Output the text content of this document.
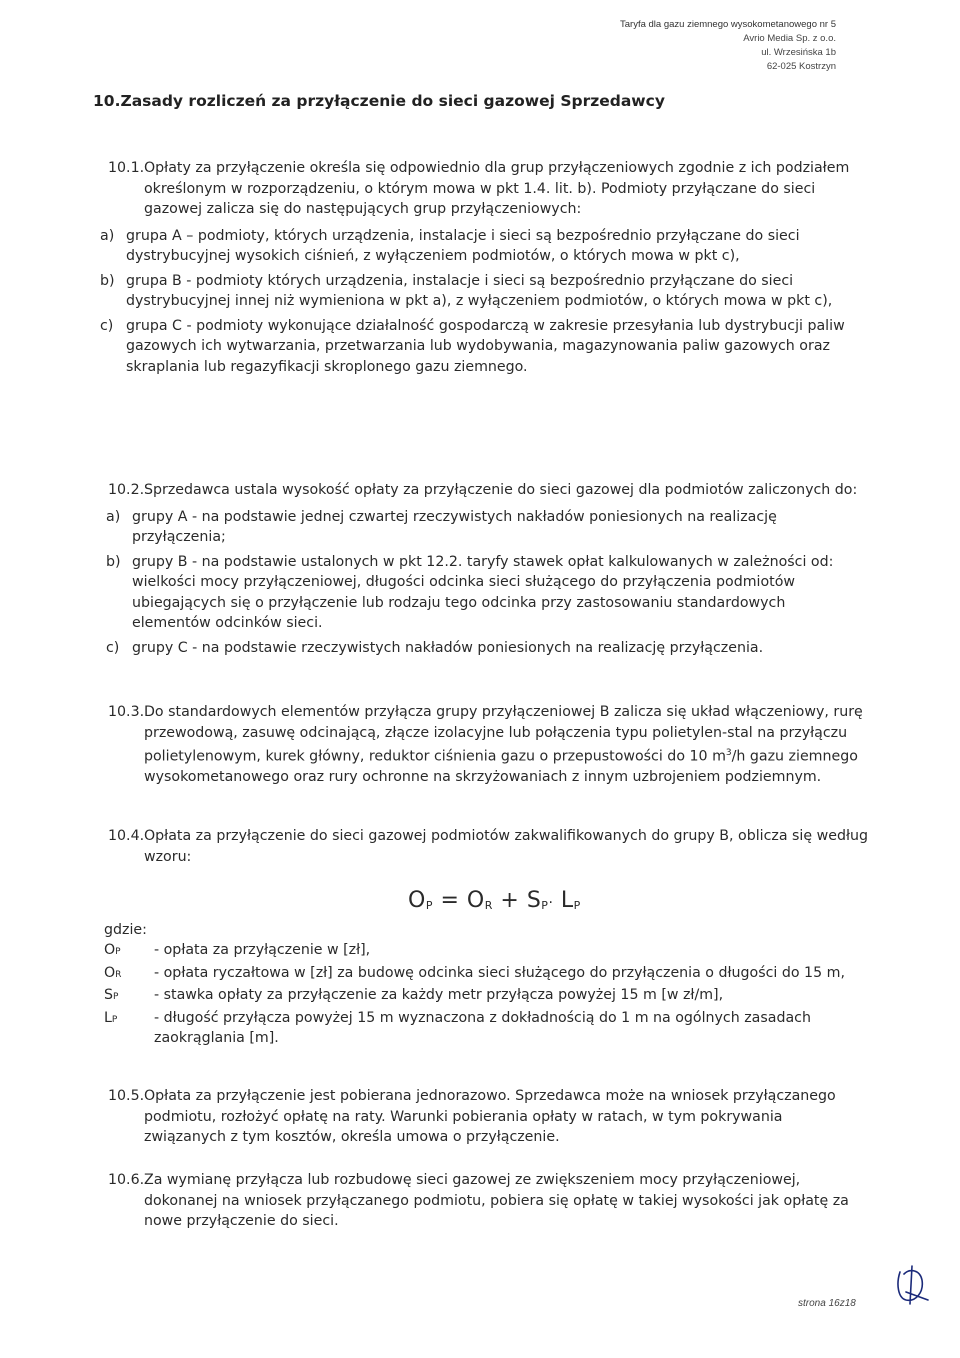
Taryfa dla gazu ziemnego wysokometanowego nr 5
Avrio Media Sp. z o.o.
ul. Wrzesińska 1b
62-025 Kostrzyn
10.Zasady rozliczeń za przyłączenie do sieci gazowej Sprzedawcy
10.1. Opłaty za przyłączenie określa się odpowiednio dla grup przyłączeniowych zgodnie z ich podziałem określonym w rozporządzeniu, o którym mowa w pkt 1.4. lit. b). Podmioty przyłączane do sieci gazowej zalicza się do następujących grup przyłączeniowych:
a) grupa A – podmioty, których urządzenia, instalacje i sieci są bezpośrednio przyłączane do sieci dystrybucyjnej wysokich ciśnień, z wyłączeniem podmiotów, o których mowa w pkt c),
b) grupa B - podmioty których urządzenia, instalacje i sieci są bezpośrednio przyłączane do sieci dystrybucyjnej innej niż wymieniona w pkt a), z wyłączeniem podmiotów, o których mowa w pkt c),
c) grupa C - podmioty wykonujące działalność gospodarczą w zakresie przesyłania lub dystrybucji paliw gazowych ich wytwarzania, przetwarzania lub wydobywania, magazynowania paliw gazowych oraz skraplania lub regazyfikacji skroplonego gazu ziemnego.
10.2. Sprzedawca ustala wysokość opłaty za przyłączenie do sieci gazowej dla podmiotów zaliczonych do:
a) grupy A - na podstawie jednej czwartej rzeczywistych nakładów poniesionych na realizację przyłączenia;
b) grupy B - na podstawie ustalonych w pkt 12.2. taryfy stawek opłat kalkulowanych w zależności od: wielkości mocy przyłączeniowej, długości odcinka sieci służącego do przyłączenia podmiotów ubiegających się o przyłączenie lub rodzaju tego odcinka przy zastosowaniu standardowych elementów odcinków sieci.
c) grupy C - na podstawie rzeczywistych nakładów poniesionych na realizację przyłączenia.
10.3. Do standardowych elementów przyłącza grupy przyłączeniowej B zalicza się układ włączeniowy, rurę przewodową, zasuwę odcinającą, złącze izolacyjne lub połączenia typu polietylen-stal na przyłączu polietylenowym, kurek główny, reduktor ciśnienia gazu o przepustowości do 10 $m^3/h$ gazu ziemnego wysokometanowego oraz rury ochronne na skrzyżowaniach z innym uzbrojeniem podziemnym.
10.4. Opłata za przyłączenie do sieci gazowej podmiotów zakwalifikowanych do grupy B, oblicza się według wzoru:
OP = OR + SP· LP
gdzie:
OP - opłata za przyłączenie w [zł],
OR - opłata ryczałtowa w [zł] za budowę odcinka sieci służącego do przyłączenia o długości do 15 m,
SP	- stawka opłaty za przyłączenie za każdy metr przyłącza powyżej 15 m [w zł/m],
LP	- długość przyłącza powyżej 15 m wyznaczona z dokładnością do 1 m na ogólnych zasadach zaokrąglania [m].
10.5. Opłata za przyłączenie jest pobierana jednorazowo. Sprzedawca może na wniosek przyłączanego podmiotu, rozłożyć opłatę na raty. Warunki pobierania opłaty w ratach, w tym pokrywania związanych z tym kosztów, określa umowa o przyłączenie.
10.6. Za wymianę przyłącza lub rozbudowę sieci gazowej ze zwiększeniem mocy przyłączeniowej, dokonanej na wniosek przyłączanego podmiotu, pobiera się opłatę w takiej wysokości jak opłatę za nowe przyłączenie do sieci.
strona 16z18
